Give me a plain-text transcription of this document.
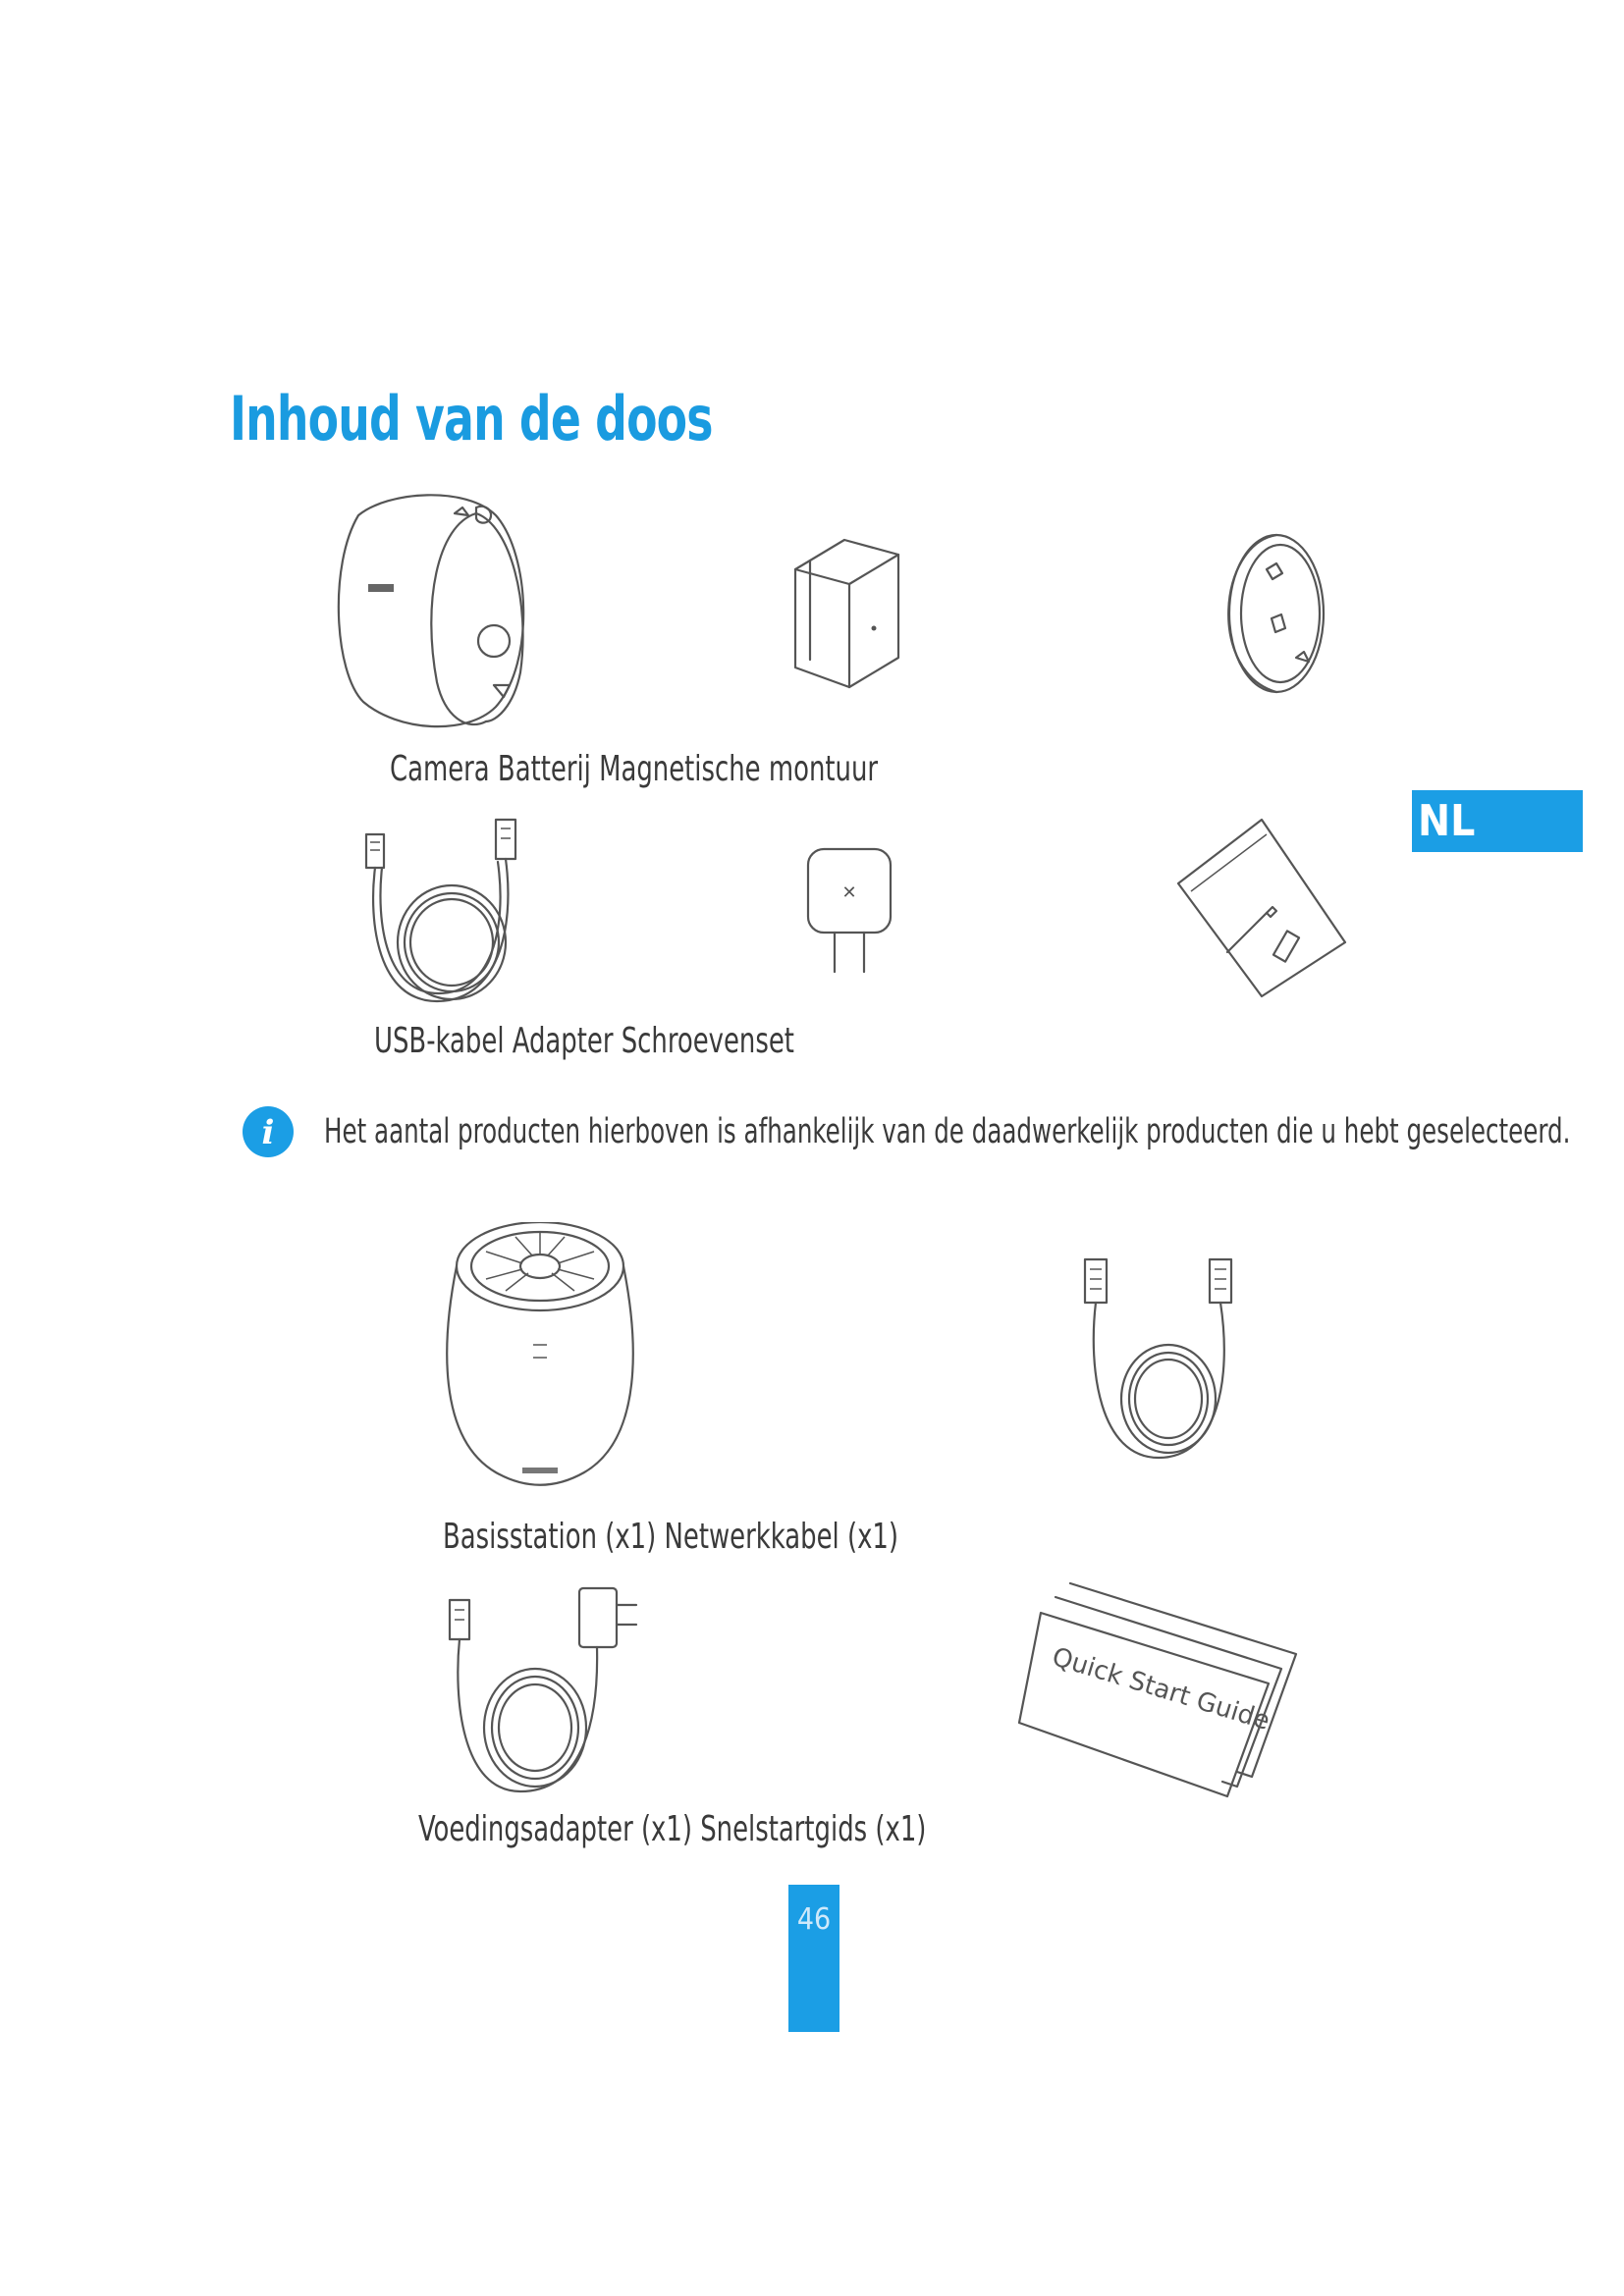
Inhoud van de doos
NL
Camera Batterij Magnetische montuur
✕
USB-kabel Adapter Schroevenset
i Het aantal producten hierboven is afhankelijk van de daadwerkelijk producten die u hebt geselecteerd.
Basisstation (x1) Netwerkkabel (x1)
Quick Start Guide
Voedingsadapter (x1) Snelstartgids (x1)
46
